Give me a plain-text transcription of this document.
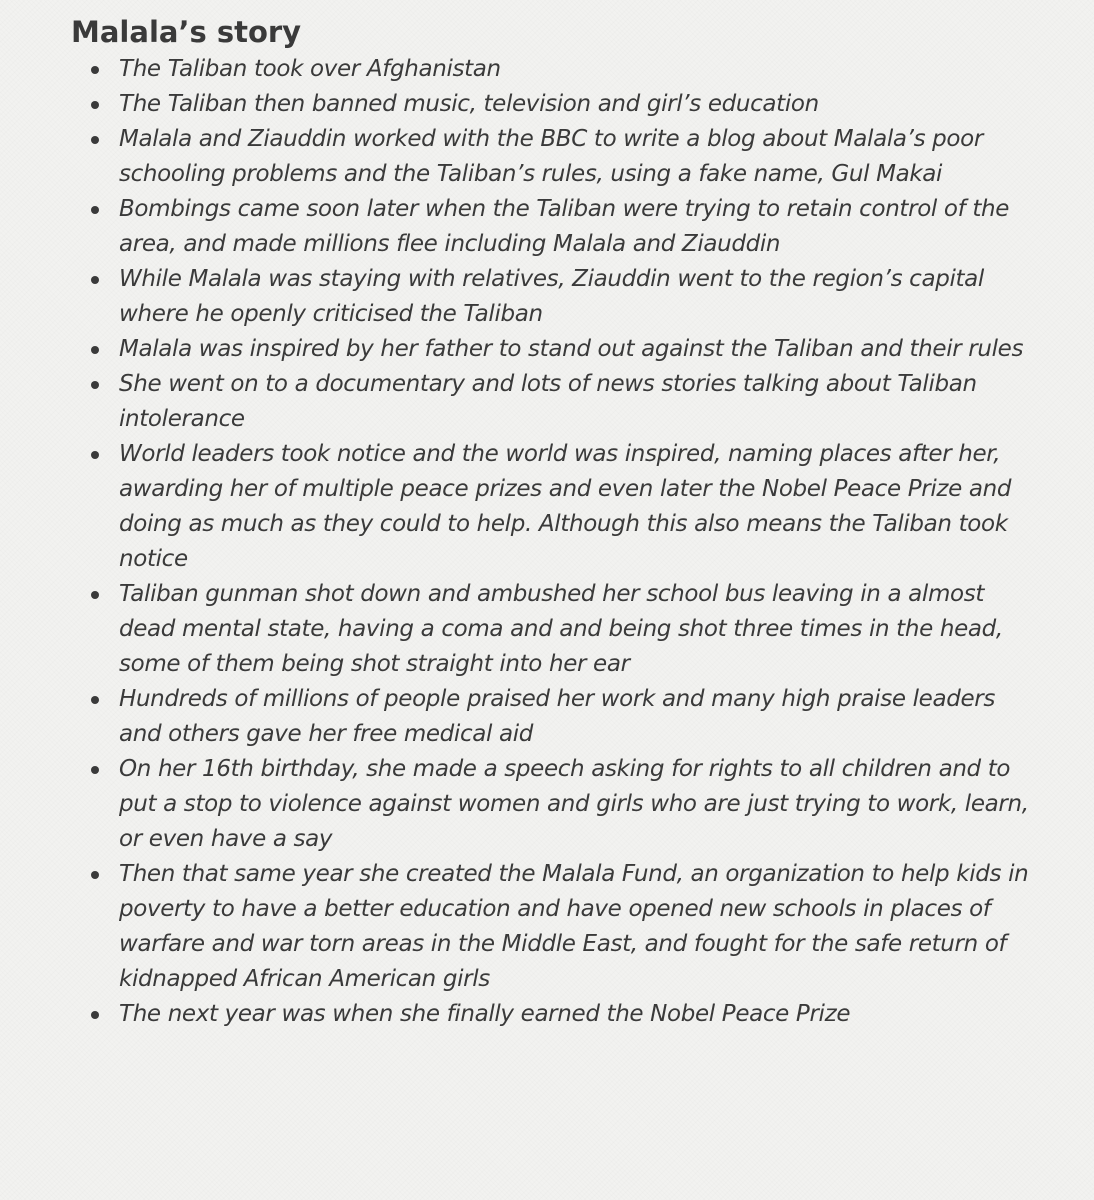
Malala’s story
The Taliban took over Afghanistan
The Taliban then banned music, television and girl’s education
Malala and Ziauddin worked with the BBC to write a blog about Malala’s poor schooling problems and the Taliban’s rules, using a fake name, Gul Makai
Bombings came soon later when the Taliban were trying to retain control of the area, and made millions flee including Malala and Ziauddin
While Malala was staying with relatives, Ziauddin went to the region’s capital where he openly criticised the Taliban
Malala was inspired by her father to stand out against the Taliban and their rules
She went on to a documentary and lots of news stories talking about Taliban intolerance
World leaders took notice and the world was inspired, naming places after her, awarding her of multiple peace prizes and even later the Nobel Peace Prize and doing as much as they could to help. Although this also means the Taliban took notice
Taliban gunman shot down and ambushed her school bus leaving in a almost dead mental state, having a coma and and being shot three times in the head, some of them being shot straight into her ear
Hundreds of millions of people praised her work and many high praise leaders and others gave her free medical aid
On her 16th birthday, she made a speech asking for rights to all children and to put a stop to violence against women and girls who are just trying to work, learn, or even have a say
Then that same year she created the Malala Fund, an organization to help kids in poverty to have a better education and have opened new schools in places of warfare and war torn areas in the Middle East, and fought for the safe return of kidnapped African American girls
The next year was when she finally earned the Nobel Peace Prize
